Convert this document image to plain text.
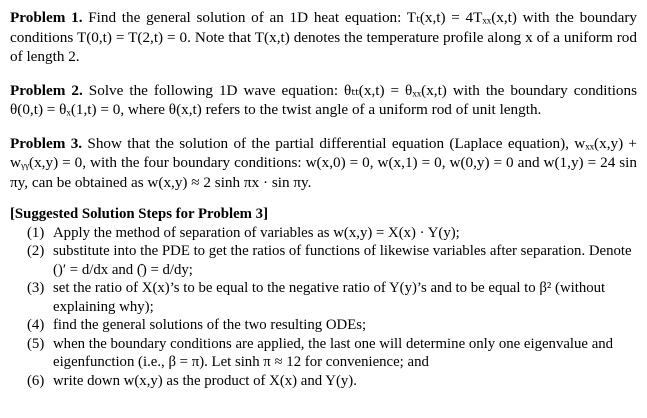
Problem 1. Find the general solution of an 1D heat equation: Tₜ(x,t) = 4Tₓₓ(x,t) with the boundary conditions T(0,t) = T(2,t) = 0. Note that T(x,t) denotes the temperature profile along x of a uniform rod of length 2.

Problem 2. Solve the following 1D wave equation: θₜₜ(x,t) = θₓₓ(x,t) with the boundary conditions θ(0,t) = θₓ(1,t) = 0, where θ(x,t) refers to the twist angle of a uniform rod of unit length.

Problem 3. Show that the solution of the partial differential equation (Laplace equation), wₓₓ(x,y) + wᵧᵧ(x,y) = 0, with the four boundary conditions: w(x,0) = 0, w(x,1) = 0, w(0,y) = 0 and w(1,y) = 24 sin πy, can be obtained as w(x,y) ≈ 2 sinh πx · sin πy.

[Suggested Solution Steps for Problem 3]
(1) Apply the method of separation of variables as w(x,y) = X(x) · Y(y);
(2) substitute into the PDE to get the ratios of functions of likewise variables after separation. Denote ()′ = d/dx and (̇) = d/dy;
(3) set the ratio of X(x)’s to be equal to the negative ratio of Y(y)’s and to be equal to β² (without explaining why);
(4) find the general solutions of the two resulting ODEs;
(5) when the boundary conditions are applied, the last one will determine only one eigenvalue and eigenfunction (i.e., β = π). Let sinh π ≈ 12 for convenience; and
(6) write down w(x,y) as the product of X(x) and Y(y).
